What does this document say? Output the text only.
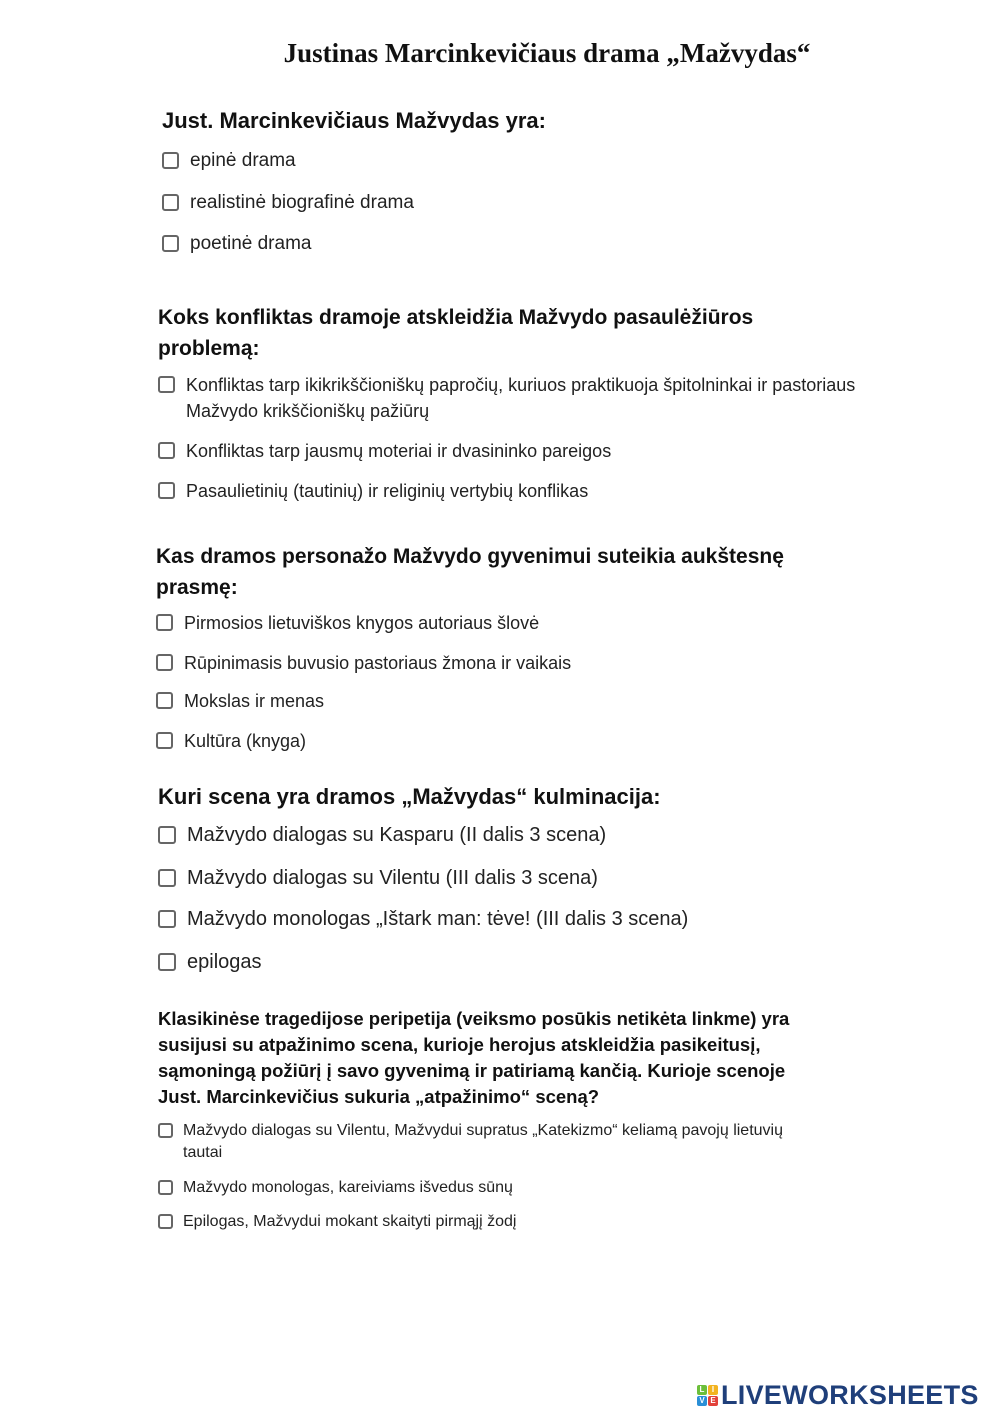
Justinas Marcinkevičiaus drama „Mažvydas“

Just. Marcinkevičiaus Mažvydas yra:

epinė drama
realistinė biografinė drama
poetinė drama

Koks konfliktas dramoje atskleidžia Mažvydo pasaulėžiūros problemą:

Konfliktas tarp ikikrikščioniškų papročių, kuriuos praktikuoja špitolninkai ir pastoriaus Mažvydo krikščioniškų pažiūrų
Konfliktas tarp jausmų moteriai ir dvasininko pareigos
Pasaulietinių (tautinių) ir religinių vertybių konflikas

Kas dramos personažo Mažvydo gyvenimui suteikia aukštesnę prasmę:

Pirmosios lietuviškos knygos autoriaus šlovė
Rūpinimasis buvusio pastoriaus žmona ir vaikais
Mokslas ir menas
Kultūra (knyga)

Kuri scena yra dramos „Mažvydas“ kulminacija:

Mažvydo dialogas su Kasparu (II dalis 3 scena)
Mažvydo dialogas su Vilentu (III dalis 3 scena)
Mažvydo monologas „Ištark man: tėve! (III dalis 3 scena)
epilogas

Klasikinėse tragedijose peripetija (veiksmo posūkis netikėta linkme) yra susijusi su atpažinimo scena, kurioje herojus atskleidžia pasikeitusį, sąmoningą požiūrį į savo gyvenimą ir patiriamą kančią. Kurioje scenoje Just. Marcinkevičius sukuria „atpažinimo“ sceną?

Mažvydo dialogas su Vilentu, Mažvydui supratus „Katekizmo“ keliamą pavojų lietuvių tautai
Mažvydo monologas, kareiviams išvedus sūnų
Epilogas, Mažvydui mokant skaityti pirmąjį žodį
L I
V E LIVEWORKSHEETS
